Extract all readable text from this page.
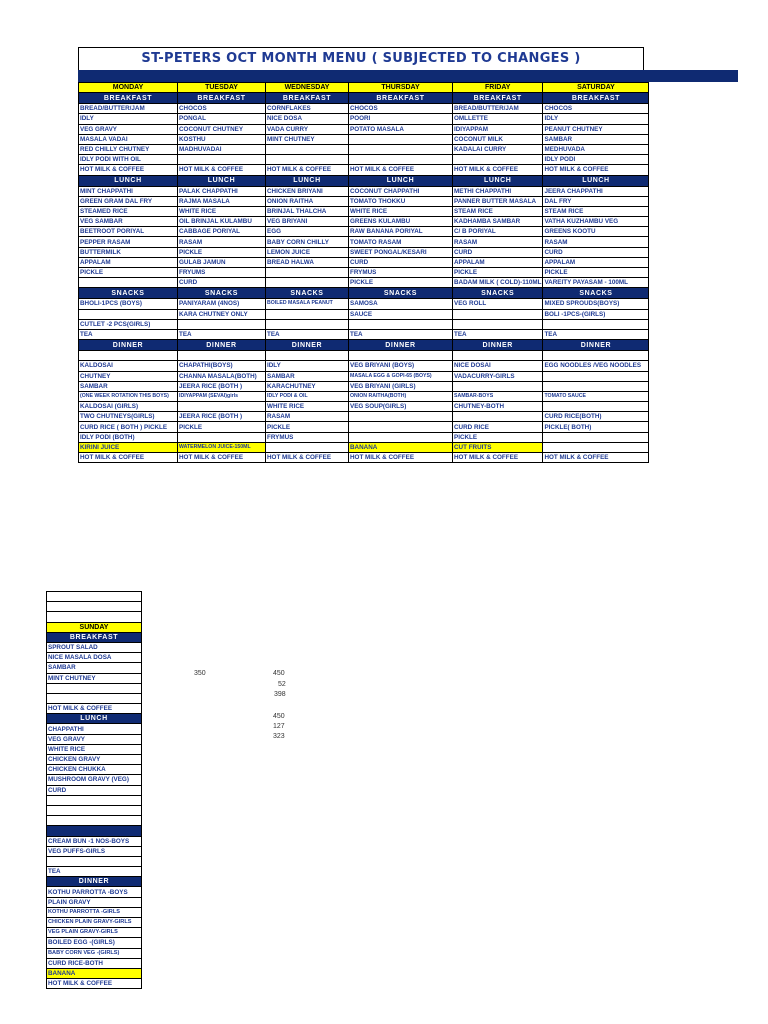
ST-PETERS OCT MONTH MENU ( SUBJECTED TO CHANGES )
MONDAY	TUESDAY	WEDNESDAY	THURSDAY	FRIDAY	SATURDAY
BREAKFAST	BREAKFAST	BREAKFAST	BREAKFAST	BREAKFAST	BREAKFAST
BREAD/BUTTER/JAM	CHOCOS	CORNFLAKES	CHOCOS	BREAD/BUTTER/JAM	CHOCOS
IDLY	PONGAL	NICE DOSA	POORI	OMLLETTE	IDLY
VEG GRAVY	COCONUT CHUTNEY	VADA CURRY	POTATO MASALA	IDIYAPPAM	PEANUT CHUTNEY
MASALA VADAI	KOSTHU	MINT CHUTNEY		COCONUT MILK	SAMBAR
RED CHILLY CHUTNEY	MADHUVADAI			KADALAI CURRY	MEDHUVADA
IDLY PODI WITH OIL					IDLY PODI
HOT MILK & COFFEE	HOT MILK & COFFEE	HOT MILK & COFFEE	HOT MILK & COFFEE	HOT MILK & COFFEE	HOT MILK & COFFEE
LUNCH	LUNCH	LUNCH	LUNCH	LUNCH	LUNCH
MINT CHAPPATHI	PALAK CHAPPATHI	CHICKEN BRIYANI	COCONUT CHAPPATHI	METHI CHAPPATHI	JEERA CHAPPATHI
GREEN GRAM DAL FRY	RAJMA MASALA	ONION RAITHA	TOMATO THOKKU	PANNER BUTTER MASALA	DAL FRY
STEAMED RICE	WHITE RICE	BRINJAL THALCHA	WHITE RICE	STEAM RICE	STEAM RICE
VEG SAMBAR	OIL BRINJAL KULAMBU	VEG BRIYANI	GREENS KULAMBU	KADHAMBA SAMBAR	VATHA KUZHAMBU VEG
BEETROOT PORIYAL	CABBAGE PORIYAL	EGG	RAW BANANA PORIYAL	C/ B PORIYAL	GREENS KOOTU
PEPPER RASAM	RASAM	BABY CORN CHILLY	TOMATO RASAM	RASAM	RASAM
BUTTERMILK	PICKLE	LEMON JUICE	SWEET PONGAL/KESARI	CURD	CURD
APPALAM	GULAB JAMUN	BREAD HALWA	CURD	APPALAM	APPALAM
PICKLE	FRYUMS		FRYMUS	PICKLE	PICKLE
	CURD		PICKLE	BADAM MILK ( COLD)-110ML	VAREITY PAYASAM - 100ML
SNACKS	SNACKS	SNACKS	SNACKS	SNACKS	SNACKS
BHOLI-1PCS (BOYS)	PANIYARAM (4NOS)	BOILED MASALA PEANUT	SAMOSA	VEG ROLL	MIXED SPROUDS(BOYS)
	KARA CHUTNEY ONLY		SAUCE		BOLI -1PCS-(GIRLS)
CUTLET -2 PCS(GIRLS)					
TEA	TEA	TEA	TEA	TEA	TEA
DINNER	DINNER	DINNER	DINNER	DINNER	DINNER

KALDOSAI	CHAPATHI(BOYS)	IDLY	VEG BRIYANI (BOYS)	NICE DOSAI	EGG NOODLES /VEG NOODLES
CHUTNEY	CHANNA MASALA(BOTH)	SAMBAR	MASALA EGG & GOPI-65 (BOYS)	VADACURRY-GIRLS	
SAMBAR	JEERA RICE (BOTH )	KARACHUTNEY	VEG BRIYANI (GIRLS)		
(ONE WEEK ROTATION THIS BOYS)	IDIYAPPAM (SEVAI)girls	IDLY PODI & OIL	ONION RAITHA(BOTH)	SAMBAR-BOYS	TOMATO SAUCE
KALDOSAI (GIRLS)		WHITE RICE	VEG SOUP(GIRLS)	CHUTNEY-BOTH	
TWO CHUTNEYS(GIRLS)	JEERA RICE (BOTH )	RASAM			CURD RICE(BOTH)
CURD RICE ( BOTH ) PICKLE	PICKLE	PICKLE		CURD RICE	PICKLE( BOTH)
IDLY PODI (BOTH)		FRYMUS		PICKLE	
KIRINI JUICE	WATERMELON JUICE-150ML		BANANA	CUT FRUITS	
HOT MILK & COFFEE	HOT MILK & COFFEE	HOT MILK & COFFEE	HOT MILK & COFFEE	HOT MILK & COFFEE	HOT MILK & COFFEE

SUNDAY
BREAKFAST
SPROUT SALAD
NICE MASALA DOSA
SAMBAR
MINT CHUTNEY

HOT MILK & COFFEE
LUNCH
CHAPPATHI
VEG GRAVY
WHITE RICE
CHICKEN GRAVY
CHICKEN CHUKKA
MUSHROOM GRAVY (VEG)
CURD

CREAM BUN -1 NOS-BOYS
VEG PUFFS-GIRLS

TEA
DINNER
KOTHU PARROTTA -BOYS
PLAIN GRAVY
KOTHU PARROTTA -GIRLS
CHICKEN PLAIN GRAVY-GIRLS
VEG PLAIN GRAVY-GIRLS
BOILED EGG -(GIRLS)
BABY CORN VEG -(GIRLS)
CURD RICE-BOTH
BANANA
HOT MILK & COFFEE
350	450
52
398
450
127
323
